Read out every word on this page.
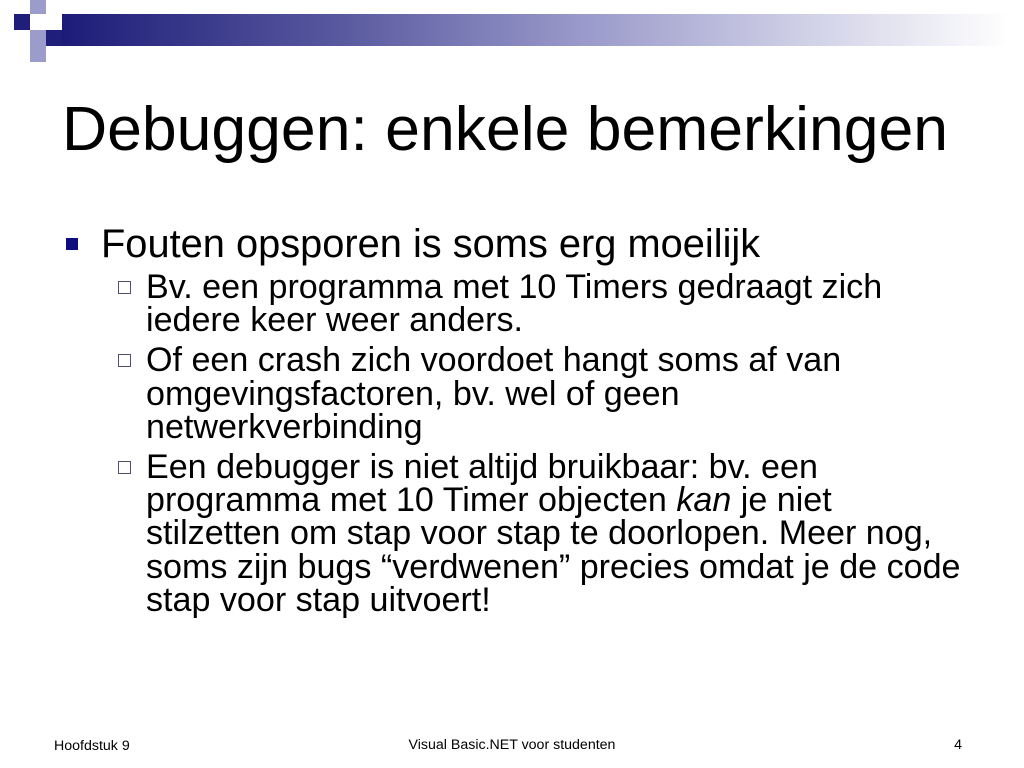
Debuggen: enkele bemerkingen
Fouten opsporen is soms erg moeilijk
Bv. een programma met 10 Timers gedraagt zich
iedere keer weer anders.
Of een crash zich voordoet hangt soms af van
omgevingsfactoren, bv. wel of geen
netwerkverbinding
Een debugger is niet altijd bruikbaar: bv. een
programma met 10 Timer objecten kan je niet
stilzetten om stap voor stap te doorlopen. Meer nog,
soms zijn bugs “verdwenen” precies omdat je de code
stap voor stap uitvoert!
Hoofdstuk 9	Visual Basic.NET voor studenten	4
